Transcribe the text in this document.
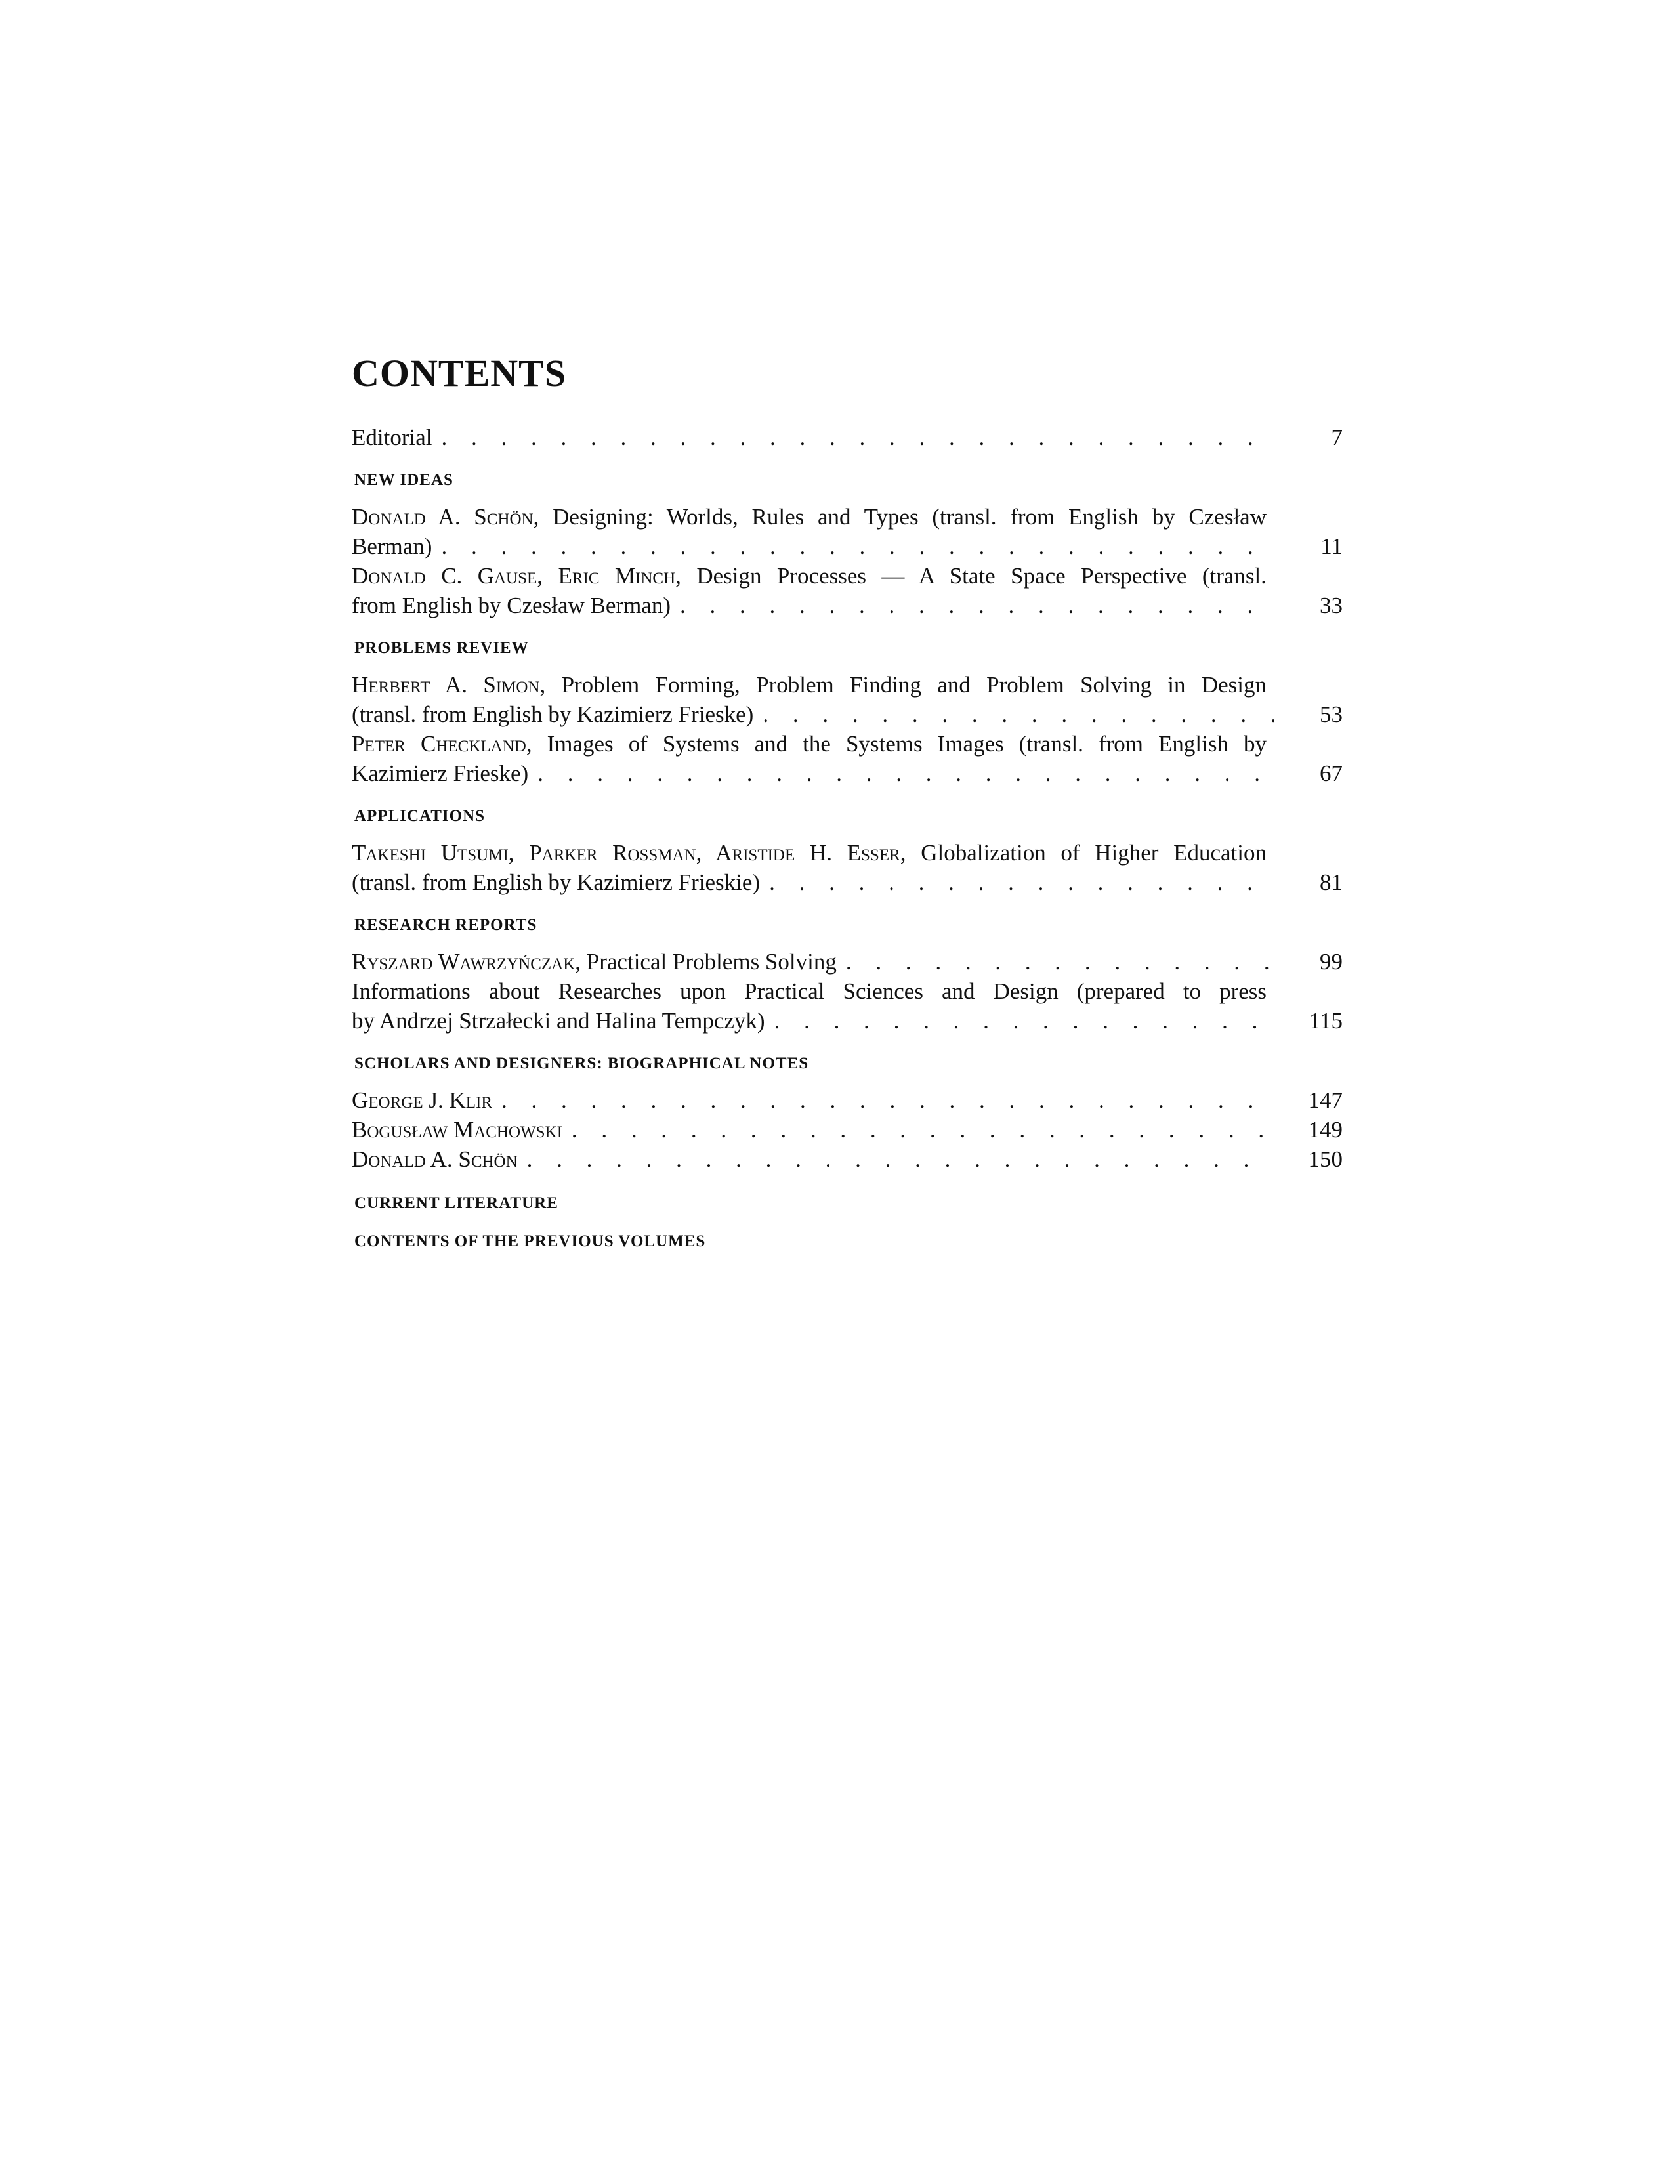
CONTENTS
Editorial . . .	7
NEW IDEAS
Donald A. Schön, Designing: Worlds, Rules and Types (transl. from English by Czesław
Berman) . . .	11
Donald C. Gause, Eric Minch, Design Processes — A State Space Perspective (transl.
from English by Czesław Berman) . . .	33
PROBLEMS REVIEW
Herbert A. Simon, Problem Forming, Problem Finding and Problem Solving in Design
(transl. from English by Kazimierz Frieske) . . .	53
Peter Checkland, Images of Systems and the Systems Images (transl. from English by
Kazimierz Frieske) . . .	67
APPLICATIONS
Takeshi Utsumi, Parker Rossman, Aristide H. Esser, Globalization of Higher Education
(transl. from English by Kazimierz Frieskie) . . .	81
RESEARCH REPORTS
Ryszard Wawrzyńczak, Practical Problems Solving . . .	99
Informations about Researches upon Practical Sciences and Design (prepared to press
by Andrzej Strzałecki and Halina Tempczyk) . . .	115
SCHOLARS AND DESIGNERS: BIOGRAPHICAL NOTES
George J. Klir . . .	147
Bogusław Machowski . . .	149
Donald A. Schön . . .	150
CURRENT LITERATURE
CONTENTS OF THE PREVIOUS VOLUMES
